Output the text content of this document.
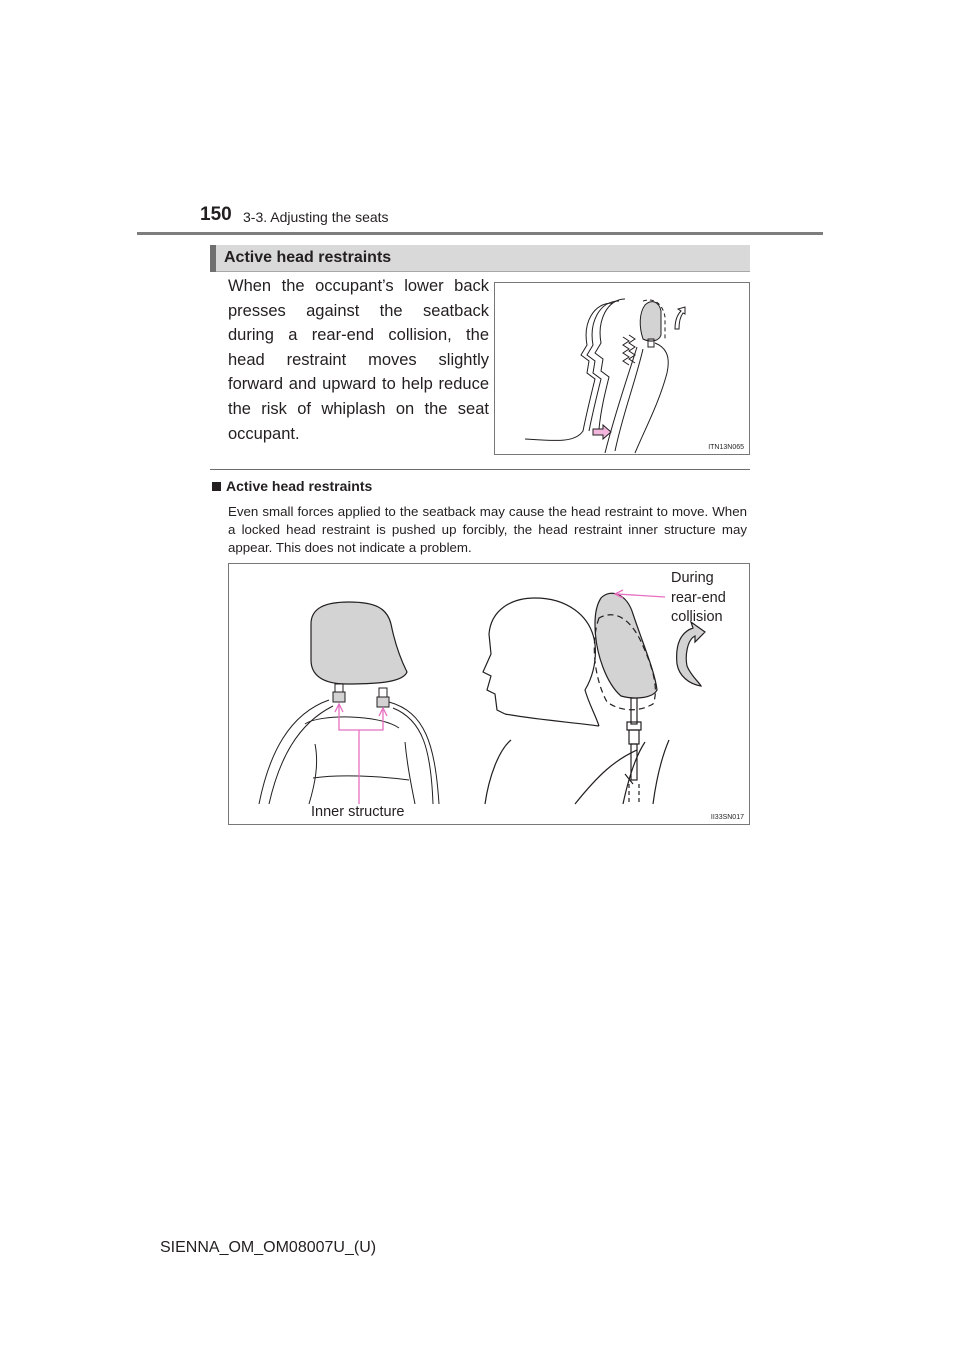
150 3-3. Adjusting the seats
Active head restraints
When the occupant’s lower back presses against the seatback during a rear-end collision, the head restraint moves slightly forward and upward to help reduce the risk of whiplash on the seat occupant.
ITN13N065
Active head restraints
Even small forces applied to the seatback may cause the head restraint to move. When a locked head restraint is pushed up forcibly, the head restraint inner structure may appear. This does not indicate a problem.
During
rear-end
collision
Inner structure	II33SN017
SIENNA_OM_OM08007U_(U)
